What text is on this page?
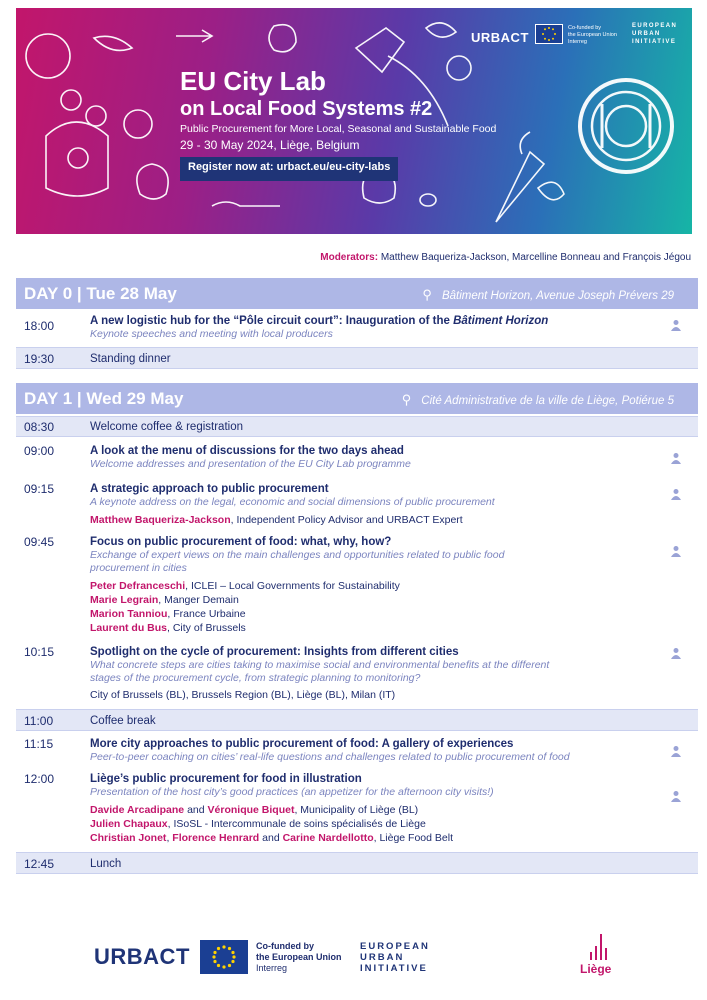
EU City Lab
on Local Food Systems #2
Public Procurement for More Local, Seasonal and Sustainable Food
29 - 30 May 2024, Liège, Belgium
Register now at: urbact.eu/eu-city-labs
URBACT
Co-funded by
the European Union
Interreg
EUROPEAN
URBAN
INITIATIVE
Moderators: Matthew Baqueriza-Jackson, Marcelline Bonneau and François Jégou
DAY 0 | Tue 28 May	⚲ Bâtiment Horizon, Avenue Joseph Prévers 29
18:00	A new logistic hub for the “Pôle circuit court”: Inauguration of the Bâtiment Horizon
Keynote speeches and meeting with local producers
19:30	Standing dinner
DAY 1 | Wed 29 May	⚲ Cité Administrative de la ville de Liège, Potiérue 5
08:30	Welcome coffee & registration
09:00	A look at the menu of discussions for the two days ahead
Welcome addresses and presentation of the EU City Lab programme
09:15	A strategic approach to public procurement
A keynote address on the legal, economic and social dimensions of public procurement
Matthew Baqueriza-Jackson, Independent Policy Advisor and URBACT Expert
09:45	Focus on public procurement of food: what, why, how?
Exchange of expert views on the main challenges and opportunities related to public food
procurement in cities
Peter Defranceschi, ICLEI – Local Governments for Sustainability
Marie Legrain, Manger Demain
Marion Tanniou, France Urbaine
Laurent du Bus, City of Brussels
10:15	Spotlight on the cycle of procurement: Insights from different cities
What concrete steps are cities taking to maximise social and environmental benefits at the different
stages of the procurement cycle, from strategic planning to monitoring?
City of Brussels (BL), Brussels Region (BL), Liège (BL), Milan (IT)
11:00	Coffee break
11:15	More city approaches to public procurement of food: A gallery of experiences
Peer-to-peer coaching on cities’ real-life questions and challenges related to public procurement of food
12:00	Liège’s public procurement for food in illustration
Presentation of the host city’s good practices (an appetizer for the afternoon city visits!)
Davide Arcadipane and Véronique Biquet, Municipality of Liège (BL)
Julien Chapaux, ISoSL - Intercommunale de soins spécialisés de Liège
Christian Jonet, Florence Henrard and Carine Nardellotto, Liège Food Belt
12:45	Lunch
URBACT	Co-funded by
the European Union
Interreg
EUROPEAN
URBAN
INITIATIVE	Liège
